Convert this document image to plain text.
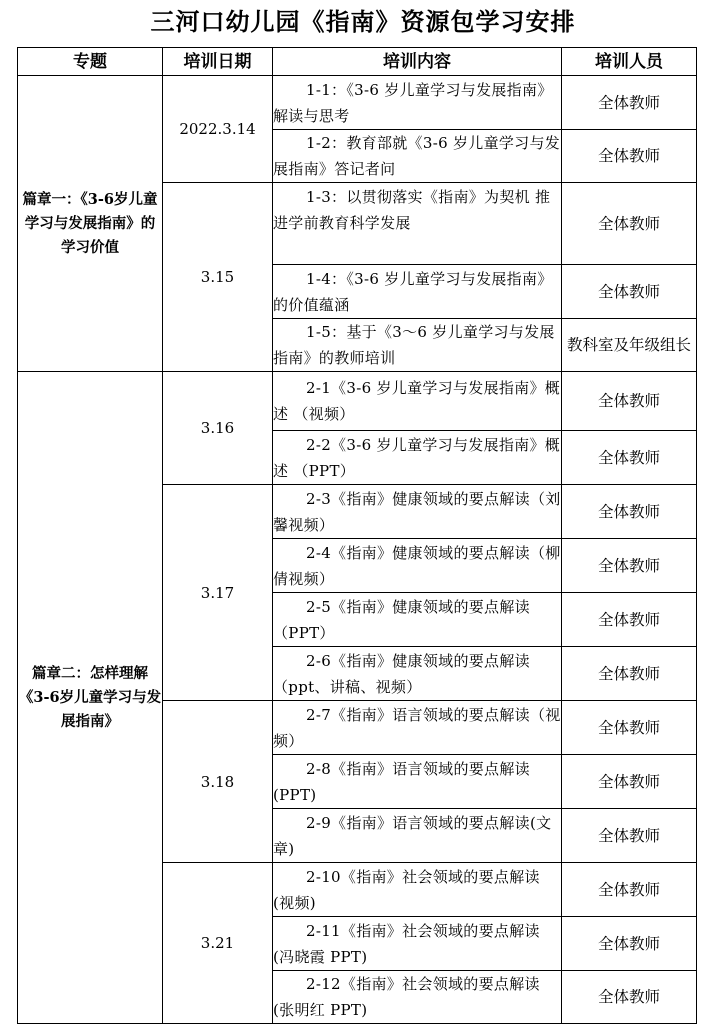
三河口幼儿园《指南》资源包学习安排
专题	培训日期	培训内容	培训人员
篇章一：《3-6岁儿童学习与发展指南》的学习价值	2022.3.14	1-1：《3-6 岁儿童学习与发展指南》解读与思考	全体教师
		1-2：教育部就《3-6 岁儿童学习与发展指南》答记者问	全体教师
	3.15	1-3：以贯彻落实《指南》为契机 推进学前教育科学发展	全体教师
		1-4：《3-6 岁儿童学习与发展指南》的价值蕴涵	全体教师
		1-5：基于《3～6 岁儿童学习与发展指南》的教师培训	教科室及年级组长
篇章二：怎样理解《3-6岁儿童学习与发展指南》	3.16	2-1《3-6 岁儿童学习与发展指南》概述 （视频）	全体教师
		2-2《3-6 岁儿童学习与发展指南》概述 （PPT）	全体教师
	3.17	2-3《指南》健康领域的要点解读（刘馨视频）	全体教师
		2-4《指南》健康领域的要点解读（柳倩视频）	全体教师
		2-5《指南》健康领域的要点解读（PPT）	全体教师
		2-6《指南》健康领域的要点解读（ppt、讲稿、视频）	全体教师
	3.18	2-7《指南》语言领域的要点解读（视频）	全体教师
		2-8《指南》语言领域的要点解读(PPT)	全体教师
		2-9《指南》语言领域的要点解读(文章)	全体教师
	3.21	2-10《指南》社会领域的要点解读(视频)	全体教师
		2-11《指南》社会领域的要点解读(冯晓霞 PPT)	全体教师
		2-12《指南》社会领域的要点解读(张明红 PPT)	全体教师
